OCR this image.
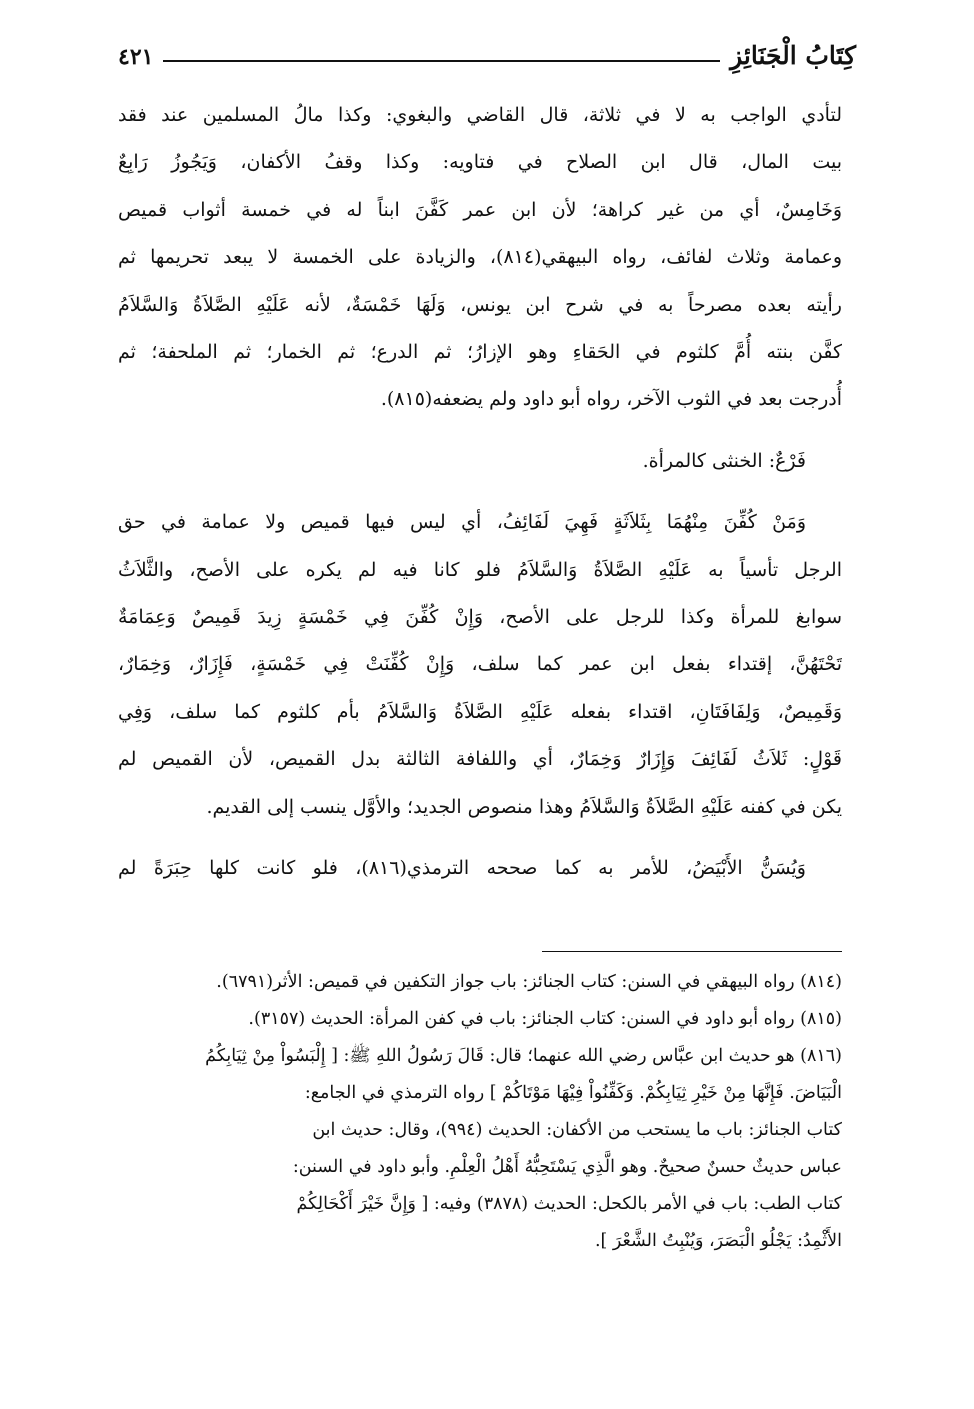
كِتَابُ الْجَنَائِزِ
٤٢١
لتأدي الواجب به لا في ثلاثة، قال القاضي والبغوي: وكذا مالُ المسلمين عند فقد
بيت المال، قال ابن الصلاح في فتاويه: وكذا وقفُ الأكفان، وَيَجُوزُ رَابِعٌ
وَخَامِسٌ، أي من غير كراهة؛ لأن ابن عمر كَفَّنَ ابناً له في خمسة أثواب قميص
وعمامة وثلاث لفائف، رواه البيهقي(٨١٤)، والزيادة على الخمسة لا يبعد تحريمها ثم
رأيته بعده مصرحاً به في شرح ابن يونس، وَلَهَا خَمْسَةٌ، لأنه عَلَيْهِ الصَّلاَةُ وَالسَّلاَمُ
كفَّن بنته أُمَّ كلثوم في الحَقاءِ وهو الإزارُ؛ ثم الدرع؛ ثم الخمار؛ ثم الملحفة؛ ثم
أُدرجت بعد في الثوب الآخر، رواه أبو داود ولم يضعفه(٨١٥).
فَرْعٌ: الخنثى كالمرأة.
وَمَنْ كُفِّنَ مِنْهُمَا بِثَلاَثَةٍ فَهِيَ لَفَائِفُ، أي ليس فيها قميص ولا عمامة في حق
الرجل تأسياً به عَلَيْهِ الصَّلاَةُ وَالسَّلاَمُ فلو كانا فيه لم يكره على الأصح، والثَّلاَثُ
سوابغ للمرأة وكذا للرجل على الأصح، وَإِنْ كُفِّنَ فِي خَمْسَةٍ زِيدَ قَمِيصٌ وَعِمَامَةٌ
تَحْتَهُنَّ، إقتداء بفعل ابن عمر كما سلف، وَإِنْ كُفِّنَتْ فِي خَمْسَةٍ، فَإِزَارٌ، وَخِمَارٌ،
وَقَمِيصٌ، وَلِفَافَتَانِ، اقتداء بفعله عَلَيْهِ الصَّلاَةُ وَالسَّلاَمُ بأم كلثوم كما سلف، وَفِي
قَوْلٍ: ثَلاَثُ لَفَائِفَ وَإِزَارٌ وَخِمَارٌ، أي واللفافة الثالثة بدل القميص، لأن القميص لم
يكن في كفنه عَلَيْهِ الصَّلاَةُ وَالسَّلاَمُ وهذا منصوص الجديد؛ والأوَّل ينسب إلى القديم.
وَيُسَنُّ الأَبْيَضُ، للأمر به كما صححه الترمذي(٨١٦)، فلو كانت كلها حِبَرَةً لم
(٨١٤) رواه البيهقي في السنن: كتاب الجنائز: باب جواز التكفين في قميص: الأثر(٦٧٩١).
(٨١٥) رواه أبو داود في السنن: كتاب الجنائز: باب في كفن المرأة: الحديث (٣١٥٧).
(٨١٦) هو حديث ابن عبَّاس رضي الله عنهما؛ قال: قَالَ رَسُولُ اللهِ ﷺ: [ إِلْبَسُواْ مِنْ ثِيَابِكُمُ
الْبَيَاضَ. فَإِنَّهَا مِنْ خَيْرِ ثِيَابِكُمْ. وَكَفِّنُواْ فِيْهَا مَوْتَاكُمْ ] رواه الترمذي في الجامع:
كتاب الجنائز: باب ما يستحب من الأكفان: الحديث (٩٩٤)، وقال: حديث ابن
عباس حديثٌ حسنٌ صحيحٌ. وهو الَّذِي يَسْتَحِبُّهُ أَهْلُ الْعِلْمِ. وأبو داود في السنن:
كتاب الطب: باب في الأمر بالكحل: الحديث (٣٨٧٨) وفيه: [ وَإِنَّ خَيْرَ أَكْحَالِكُمْ
الأَثْمِدُ: يَجْلُو الْبَصَرَ، وَيُنْبِتُ الشَّعْرَ ].
